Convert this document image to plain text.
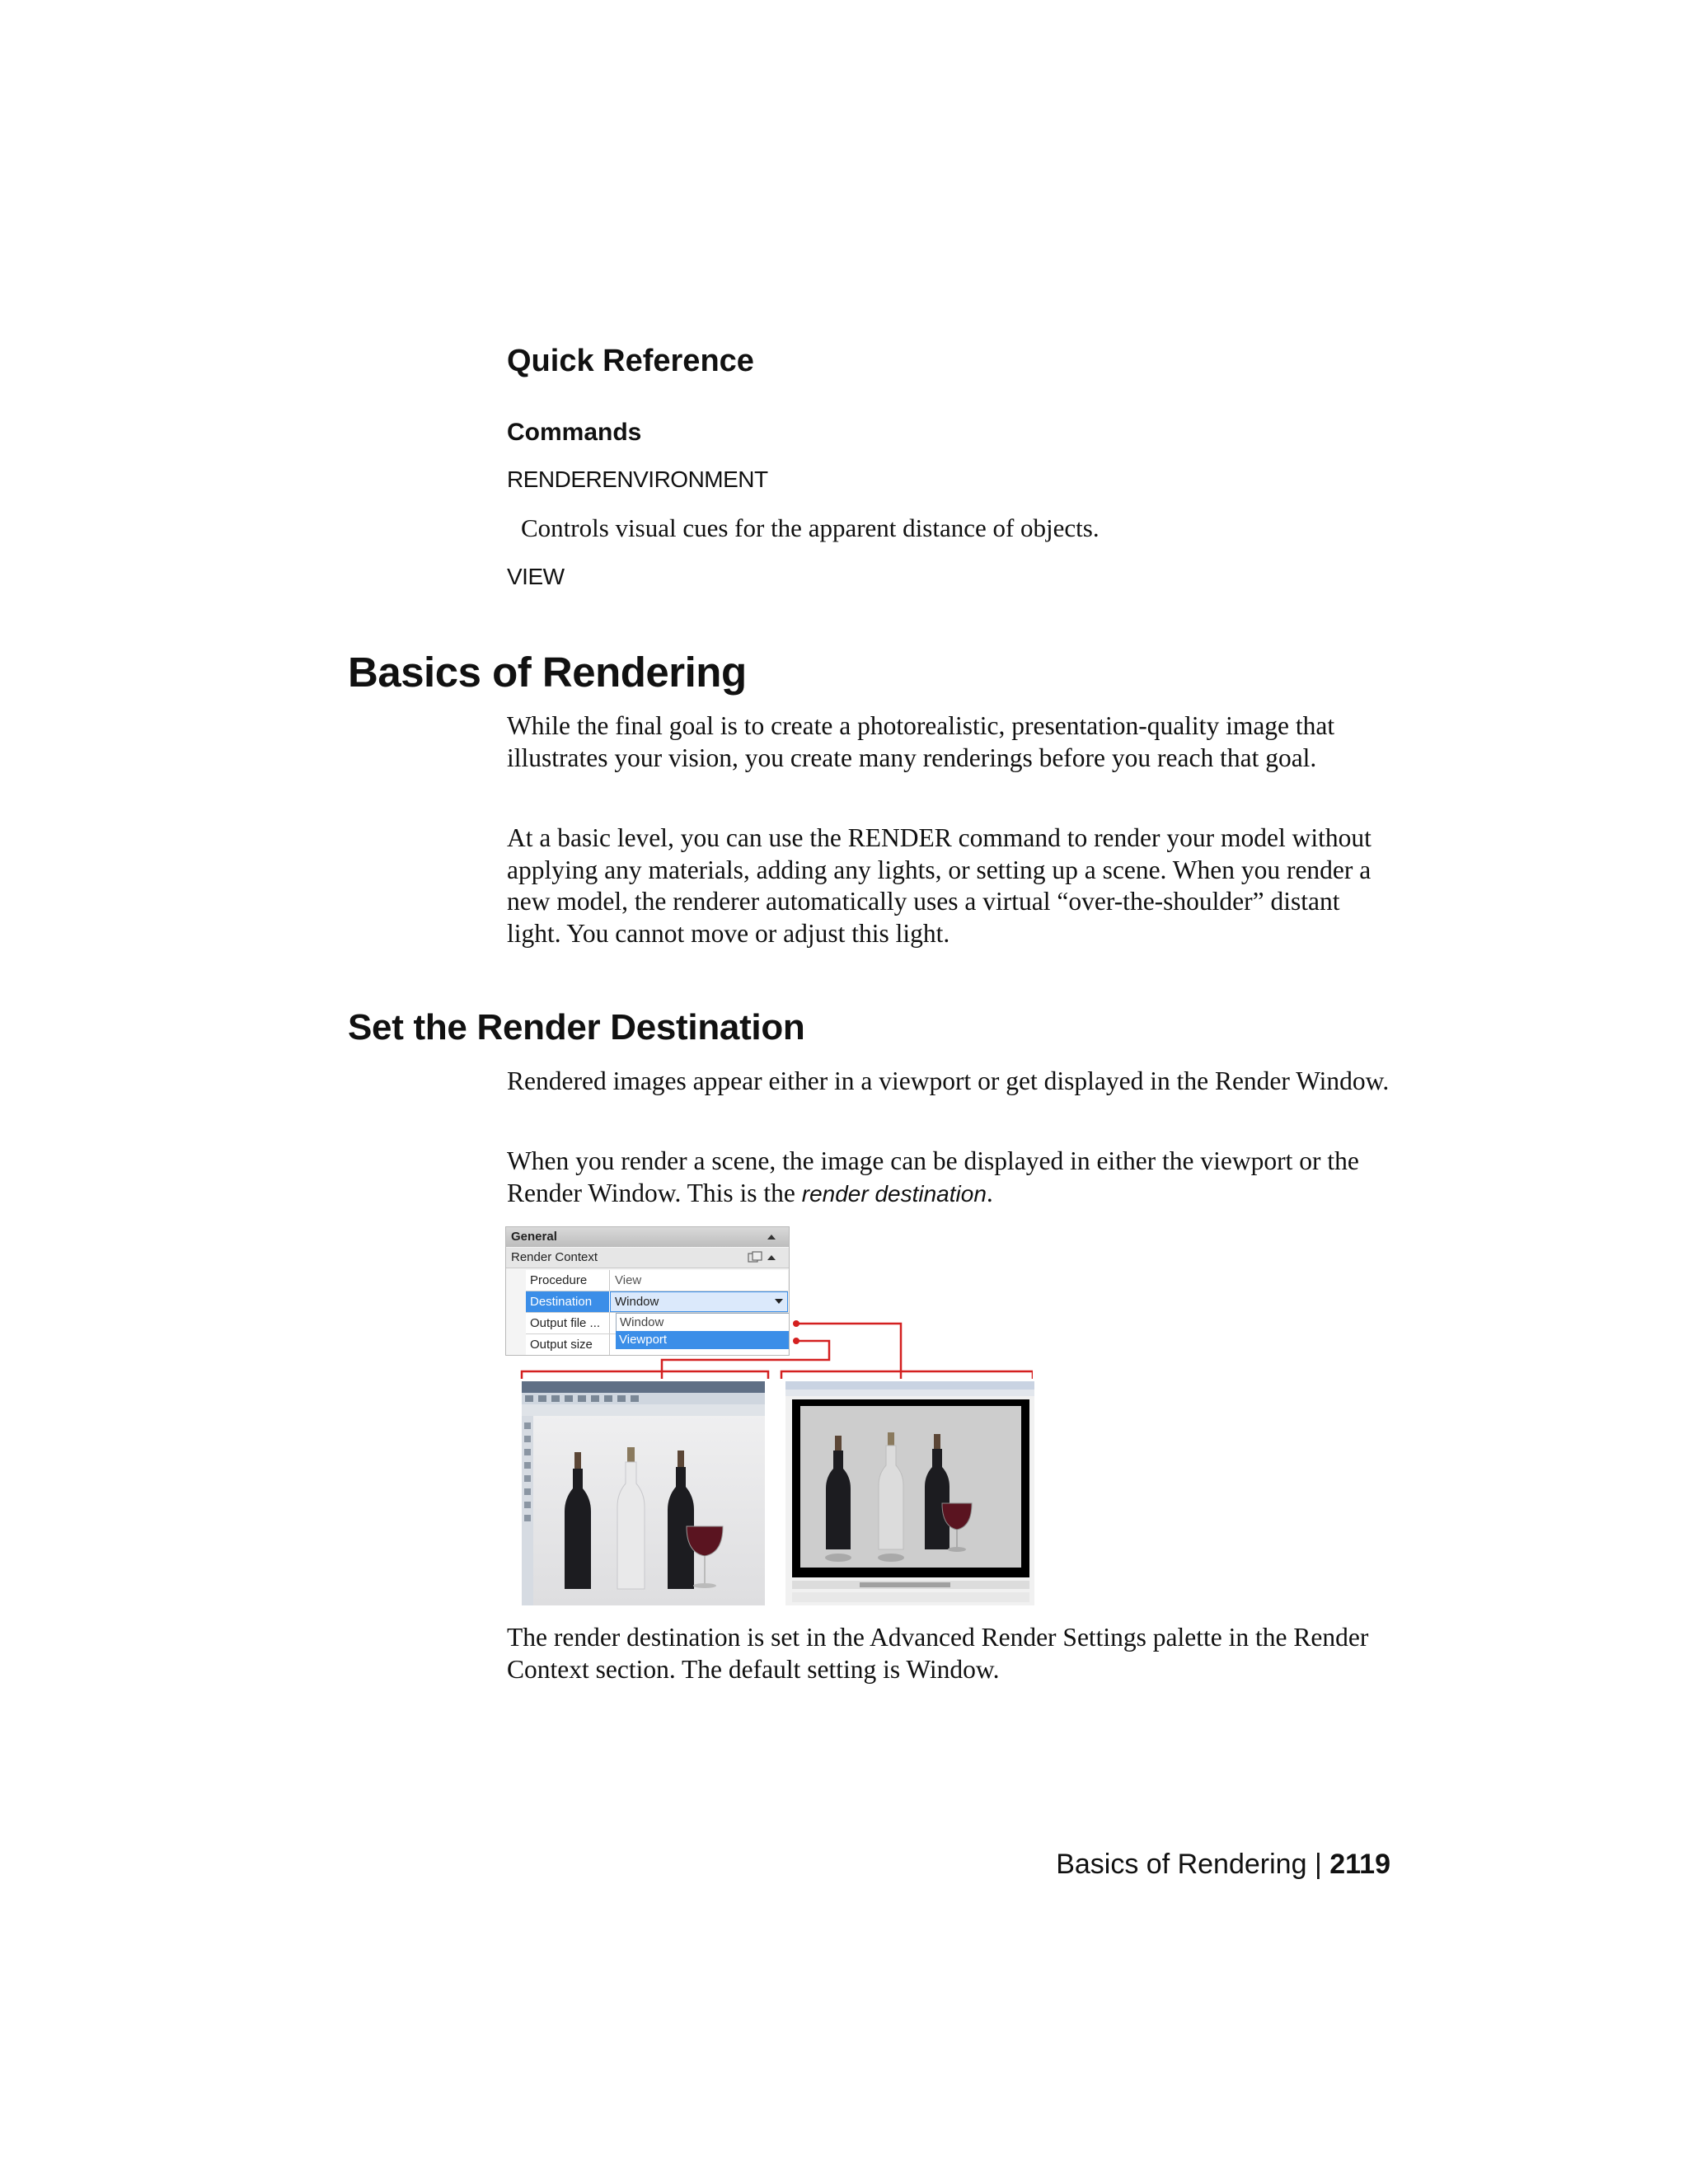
Quick Reference
Commands
RENDERENVIRONMENT
Controls visual cues for the apparent distance of objects.
VIEW
Basics of Rendering

While the final goal is to create a photorealistic, presentation-quality image that illustrates your vision, you create many renderings before you reach that goal.

At a basic level, you can use the RENDER command to render your model without applying any materials, adding any lights, or setting up a scene. When you render a new model, the renderer automatically uses a virtual “over-the-shoulder” distant light. You cannot move or adjust this light.

Set the Render Destination

Rendered images appear either in a viewport or get displayed in the Render Window.

When you render a scene, the image can be displayed in either the viewport or the Render Window. This is the render destination.

General
Render Context
Procedure View
Destination Window
Output file ...
Output size
Window
Viewport

The render destination is set in the Advanced Render Settings palette in the Render Context section. The default setting is Window.

Basics of Rendering | 2119
